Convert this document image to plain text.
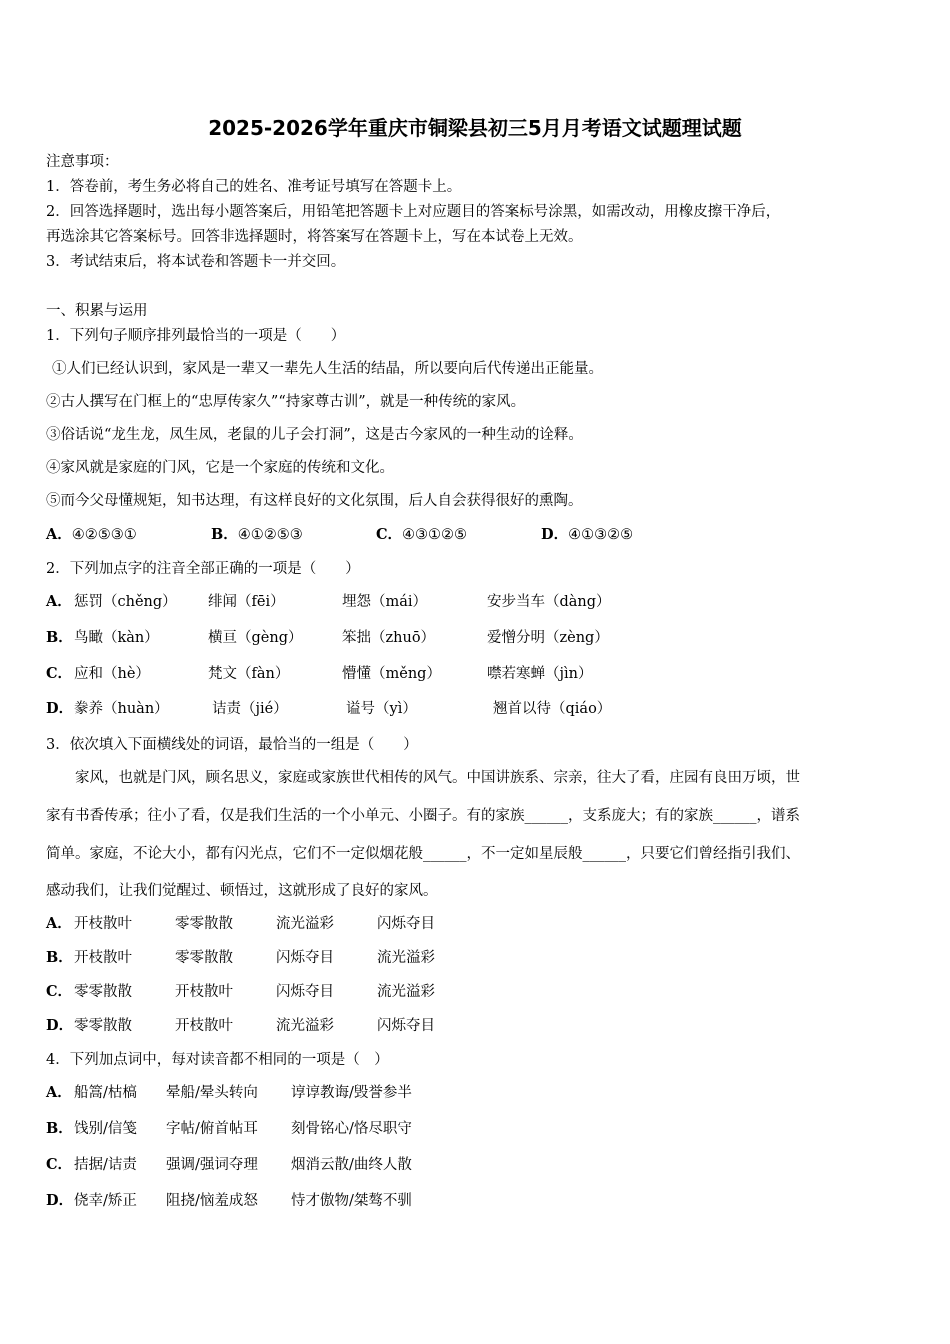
2025-2026学年重庆市铜梁县初三5月月考语文试题理试题
注意事项：
1．答卷前，考生务必将自己的姓名、准考证号填写在答题卡上。
2．回答选择题时，选出每小题答案后，用铅笔把答题卡上对应题目的答案标号涂黑，如需改动，用橡皮擦干净后，
再选涂其它答案标号。回答非选择题时，将答案写在答题卡上，写在本试卷上无效。
3．考试结束后，将本试卷和答题卡一并交回。
一、积累与运用
1．下列句子顺序排列最恰当的一项是（　　）
①人们已经认识到，家风是一辈又一辈先人生活的结晶，所以要向后代传递出正能量。
②古人撰写在门框上的“忠厚传家久”“持家尊古训”，就是一种传统的家风。
③俗话说“龙生龙，凤生凤，老鼠的儿子会打洞”，这是古今家风的一种生动的诠释。
④家风就是家庭的门风，它是一个家庭的传统和文化。
⑤而今父母懂规矩，知书达理，有这样良好的文化氛围，后人自会获得很好的熏陶。
A．④②⑤③①	B．④①②⑤③	C．④③①②⑤	D．④①③②⑤
2．下列加点字的注音全部正确的一项是（　　）
A． 惩罚（chěng） 绯闻（fēi）	埋怨（mái）	安步当车（dàng）
B． 鸟瞰（kàn）	横亘（gèng）	笨拙（zhuō）	爱憎分明（zèng）
C． 应和（hè）	梵文（fàn）	懵懂（měng）	噤若寒蝉（jìn）
D． 豢养（huàn）	诘责（jié）	谥号（yì）	翘首以待（qiáo）
3．依次填入下面横线处的词语，最恰当的一组是（　　）
　　家风，也就是门风，顾名思义，家庭或家族世代相传的风气。中国讲族系、宗亲，往大了看，庄园有良田万顷，世
家有书香传承；往小了看，仅是我们生活的一个小单元、小圈子。有的家族______，支系庞大；有的家族______，谱系
简单。家庭，不论大小，都有闪光点，它们不一定似烟花般______，不一定如星辰般______，只要它们曾经指引我们、
感动我们，让我们觉醒过、顿悟过，这就形成了良好的家风。
A． 开枝散叶	零零散散	流光溢彩	闪烁夺目
B． 开枝散叶	零零散散	闪烁夺目	流光溢彩
C． 零零散散	开枝散叶	闪烁夺目	流光溢彩
D． 零零散散	开枝散叶	流光溢彩	闪烁夺目
4．下列加点词中，每对读音都不相同的一项是（　）
A． 船篙/枯槁 晕船/晕头转向 谆谆教诲/毁誉参半
B． 饯别/信笺 字帖/俯首帖耳 刻骨铭心/恪尽职守
C． 拮据/诘责 强调/强词夺理 烟消云散/曲终人散
D． 侥幸/矫正 阻挠/恼羞成怒 恃才傲物/桀骜不驯
